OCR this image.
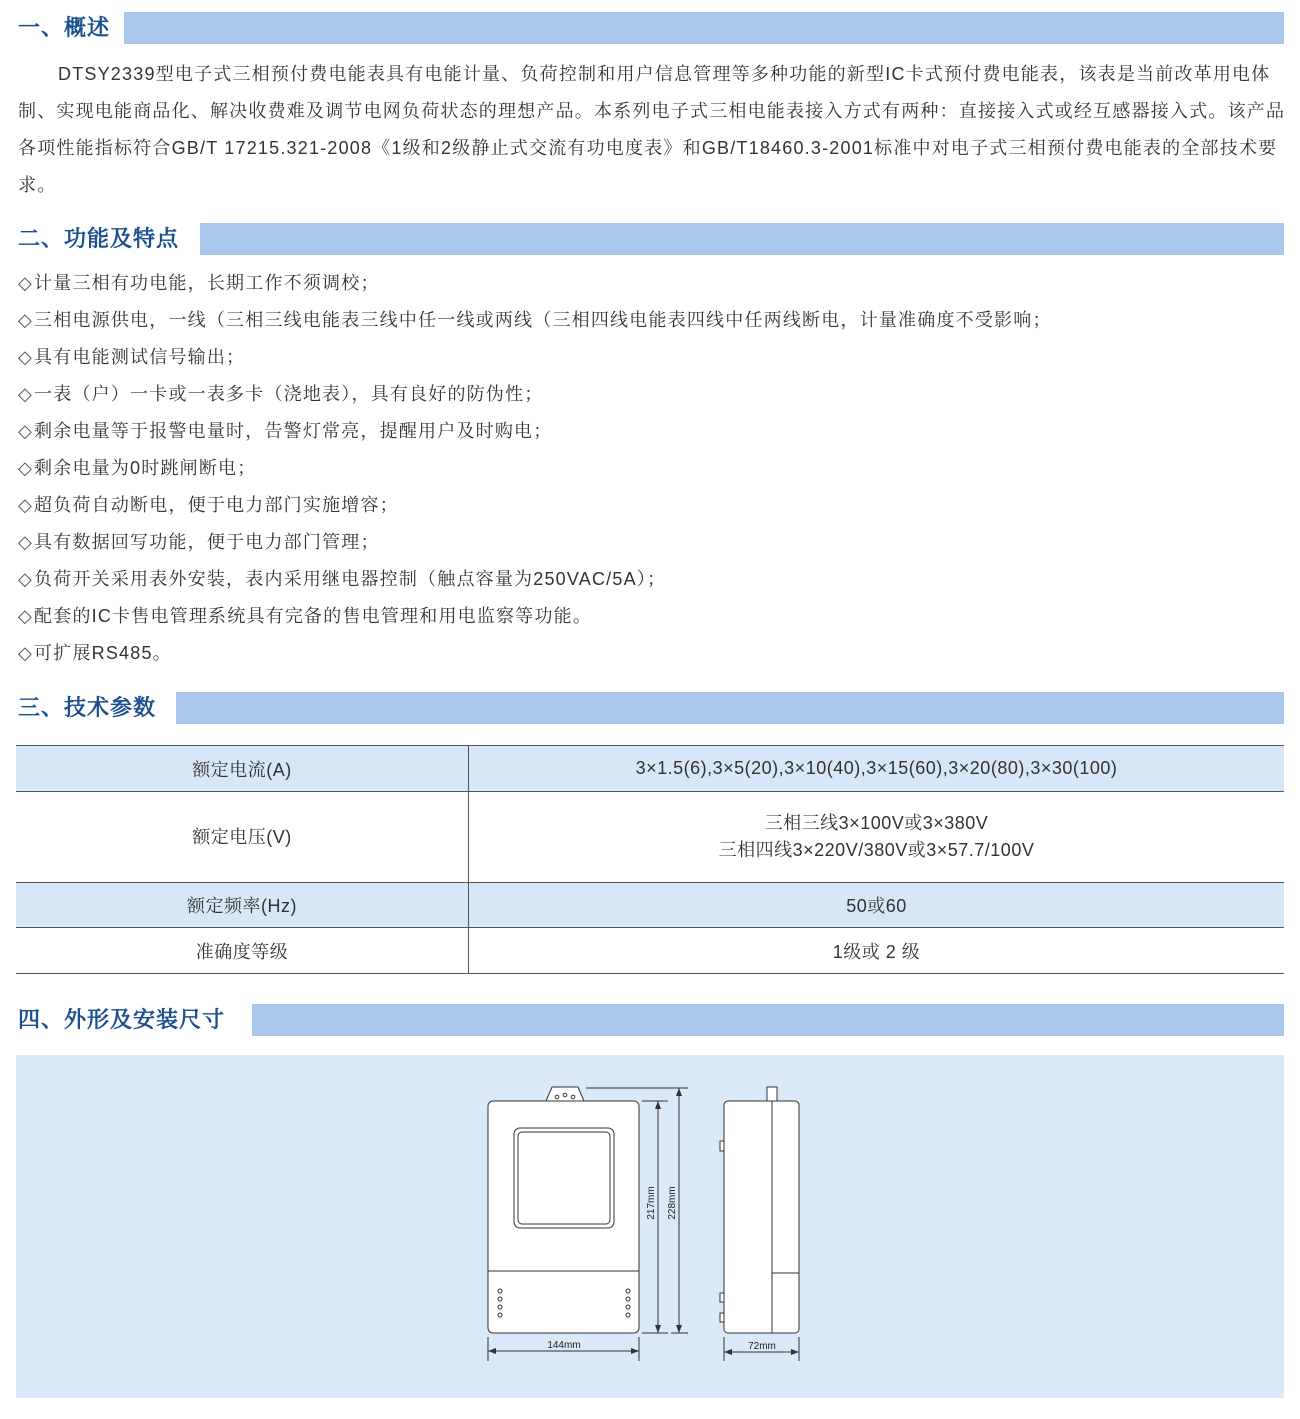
一、概述

DTSY2339型电子式三相预付费电能表具有电能计量、负荷控制和用户信息管理等多种功能的新型IC卡式预付费电能表，该表是当前改革用电体制、实现电能商品化、解决收费难及调节电网负荷状态的理想产品。本系列电子式三相电能表接入方式有两种：直接接入式或经互感器接入式。该产品各项性能指标符合GB/T 17215.321-2008《1级和2级静止式交流有功电度表》和GB/T18460.3-2001标准中对电子式三相预付费电能表的全部技术要求。

二、功能及特点
◇计量三相有功电能，长期工作不须调校；
◇三相电源供电，一线（三相三线电能表三线中任一线或两线（三相四线电能表四线中任两线断电，计量准确度不受影响；
◇具有电能测试信号输出；
◇一表（户）一卡或一表多卡（浇地表），具有良好的防伪性；
◇剩余电量等于报警电量时，告警灯常亮，提醒用户及时购电；
◇剩余电量为0时跳闸断电；
◇超负荷自动断电，便于电力部门实施增容；
◇具有数据回写功能，便于电力部门管理；
◇负荷开关采用表外安装，表内采用继电器控制（触点容量为250VAC/5A）；
◇配套的IC卡售电管理系统具有完备的售电管理和用电监察等功能。
◇可扩展RS485。
三、技术参数
额定电流(A)	3×1.5(6),3×5(20),3×10(40),3×15(60),3×20(80),3×30(100)
额定电压(V)	三相三线3×100V或3×380V
三相四线3×220V/380V或3×57.7/100V

额定频率(Hz)	50或60
准确度等级	1级或 2 级
四、外形及安装尺寸
144mm	72mm
217mm 228mm
